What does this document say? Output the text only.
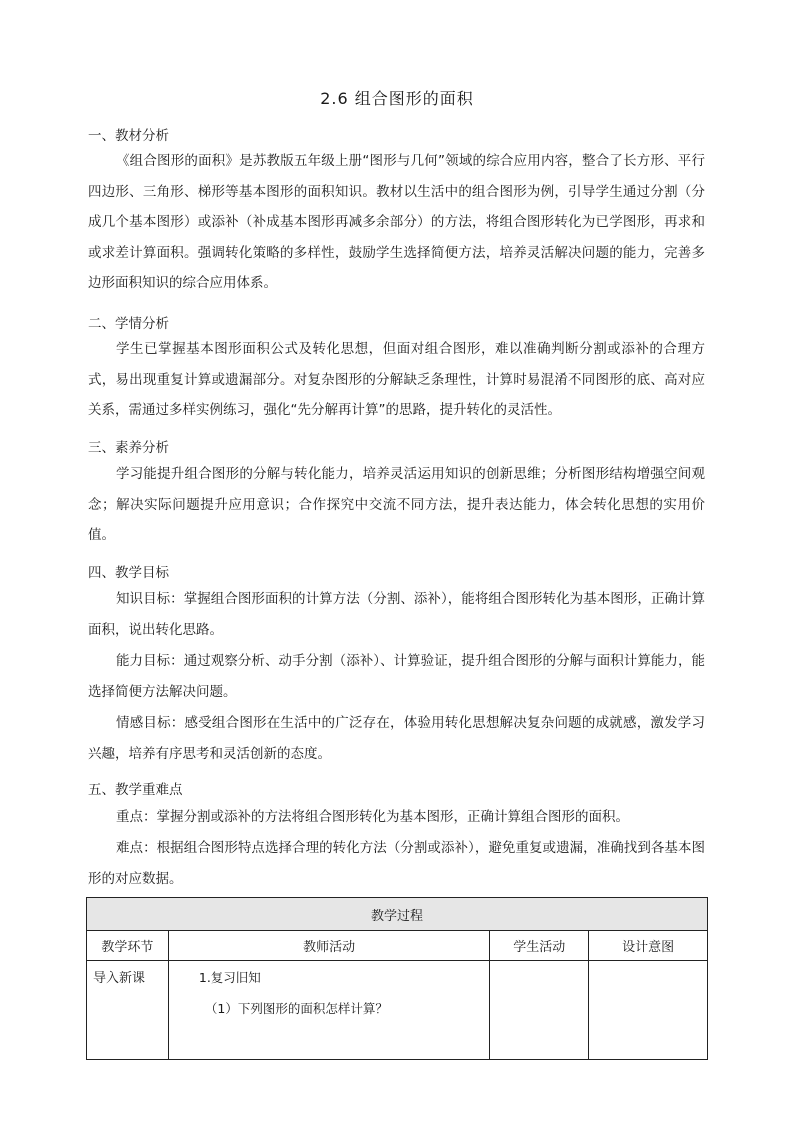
2.6 组合图形的面积
一、教材分析
《组合图形的面积》是苏教版五年级上册“图形与几何”领域的综合应用内容，整合了长方形、平行四边形、三角形、梯形等基本图形的面积知识。教材以生活中的组合图形为例，引导学生通过分割（分成几个基本图形）或添补（补成基本图形再减多余部分）的方法，将组合图形转化为已学图形，再求和或求差计算面积。强调转化策略的多样性，鼓励学生选择简便方法，培养灵活解决问题的能力，完善多边形面积知识的综合应用体系。
二、学情分析
学生已掌握基本图形面积公式及转化思想，但面对组合图形，难以准确判断分割或添补的合理方式，易出现重复计算或遗漏部分。对复杂图形的分解缺乏条理性，计算时易混淆不同图形的底、高对应关系，需通过多样实例练习，强化“先分解再计算”的思路，提升转化的灵活性。
三、素养分析
学习能提升组合图形的分解与转化能力，培养灵活运用知识的创新思维；分析图形结构增强空间观念；解决实际问题提升应用意识；合作探究中交流不同方法，提升表达能力，体会转化思想的实用价值。
四、教学目标
知识目标：掌握组合图形面积的计算方法（分割、添补），能将组合图形转化为基本图形，正确计算面积，说出转化思路。
能力目标：通过观察分析、动手分割（添补）、计算验证，提升组合图形的分解与面积计算能力，能选择简便方法解决问题。
情感目标：感受组合图形在生活中的广泛存在，体验用转化思想解决复杂问题的成就感，激发学习兴趣，培养有序思考和灵活创新的态度。
五、教学重难点
重点：掌握分割或添补的方法将组合图形转化为基本图形，正确计算组合图形的面积。
难点：根据组合图形特点选择合理的转化方法（分割或添补），避免重复或遗漏，准确找到各基本图形的对应数据。
教学过程			
教学环节	教师活动	学生活动	设计意图
导入新课	1.复习旧知
（1）下列图形的面积怎样计算？		
